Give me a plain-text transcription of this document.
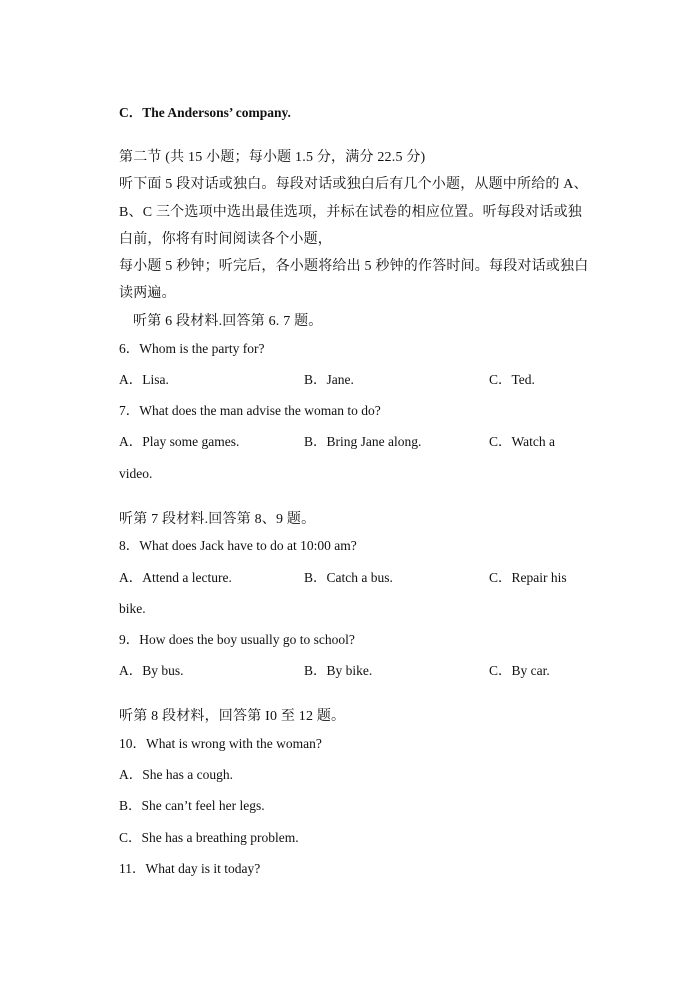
C．The Andersons’ company.
第二节 (共 15 小题；每小题 1.5 分，满分 22.5 分)
听下面 5 段对话或独白。每段对话或独白后有几个小题，从题中所给的 A、
B、C 三个选项中选出最佳选项，并标在试卷的相应位置。听每段对话或独
白前，你将有时间阅读各个小题，
每小题 5 秒钟；听完后，各小题将给出 5 秒钟的作答时间。每段对话或独白
读两遍。
听第 6 段材料.回答第 6. 7 题。
6．Whom is the party for?
A．Lisa.	B．Jane.	C．Ted.
7．What does the man advise the woman to do?
A．Play some games.	B．Bring Jane along.	C．Watch a
video.
听第 7 段材料.回答第 8、9 题。
8．What does Jack have to do at 10:00 am?
A．Attend a lecture.	B．Catch a bus.	C．Repair his
bike.
9．How does the boy usually go to school?
A．By bus.	B．By bike.	C．By car.
听第 8 段材料，回答第 I0 至 12 题。
10．What is wrong with the woman?
A．She has a cough.
B．She can’t feel her legs.
C．She has a breathing problem.
11．What day is it today?
